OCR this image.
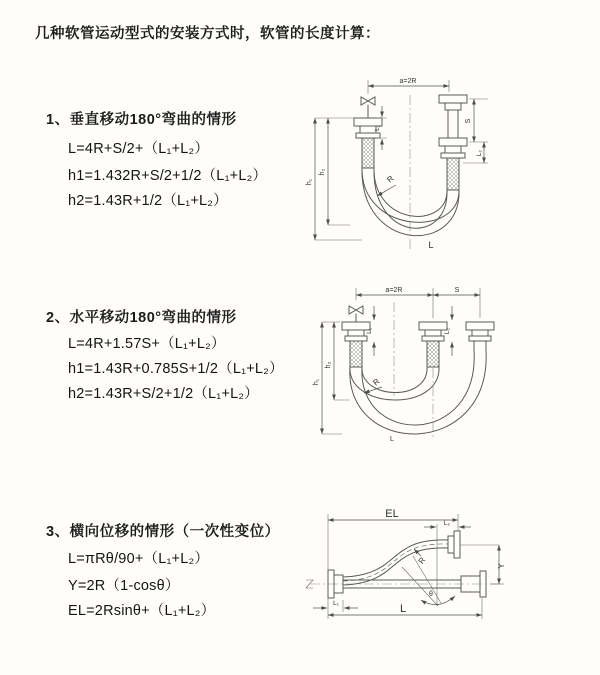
几种软管运动型式的安装方式时，软管的长度计算：
1、垂直移动180°弯曲的情形
L=4R+S/2+（L₁+L₂）
h1=1.432R+S/2+1/2（L₁+L₂）
h2=1.43R+1/2（L₁+L₂）
2、水平移动180°弯曲的情形
L=4R+1.57S+（L₁+L₂）
h1=1.43R+0.785S+1/2（L₁+L₂）
h2=1.43R+S/2+1/2（L₁+L₂）
3、横向位移的情形（一次性变位）
L=πRθ/90+（L₁+L₂）
Y=2R（1-cosθ）
EL=2Rsinθ+（L₁+L₂）
a=2R
h₁
h₂
L₁
S
L₂
R
L
a=2R	S
h₁
h₂
L₁	L₂
R
L
EL
L₂
Y
θ
R
L₁	L
